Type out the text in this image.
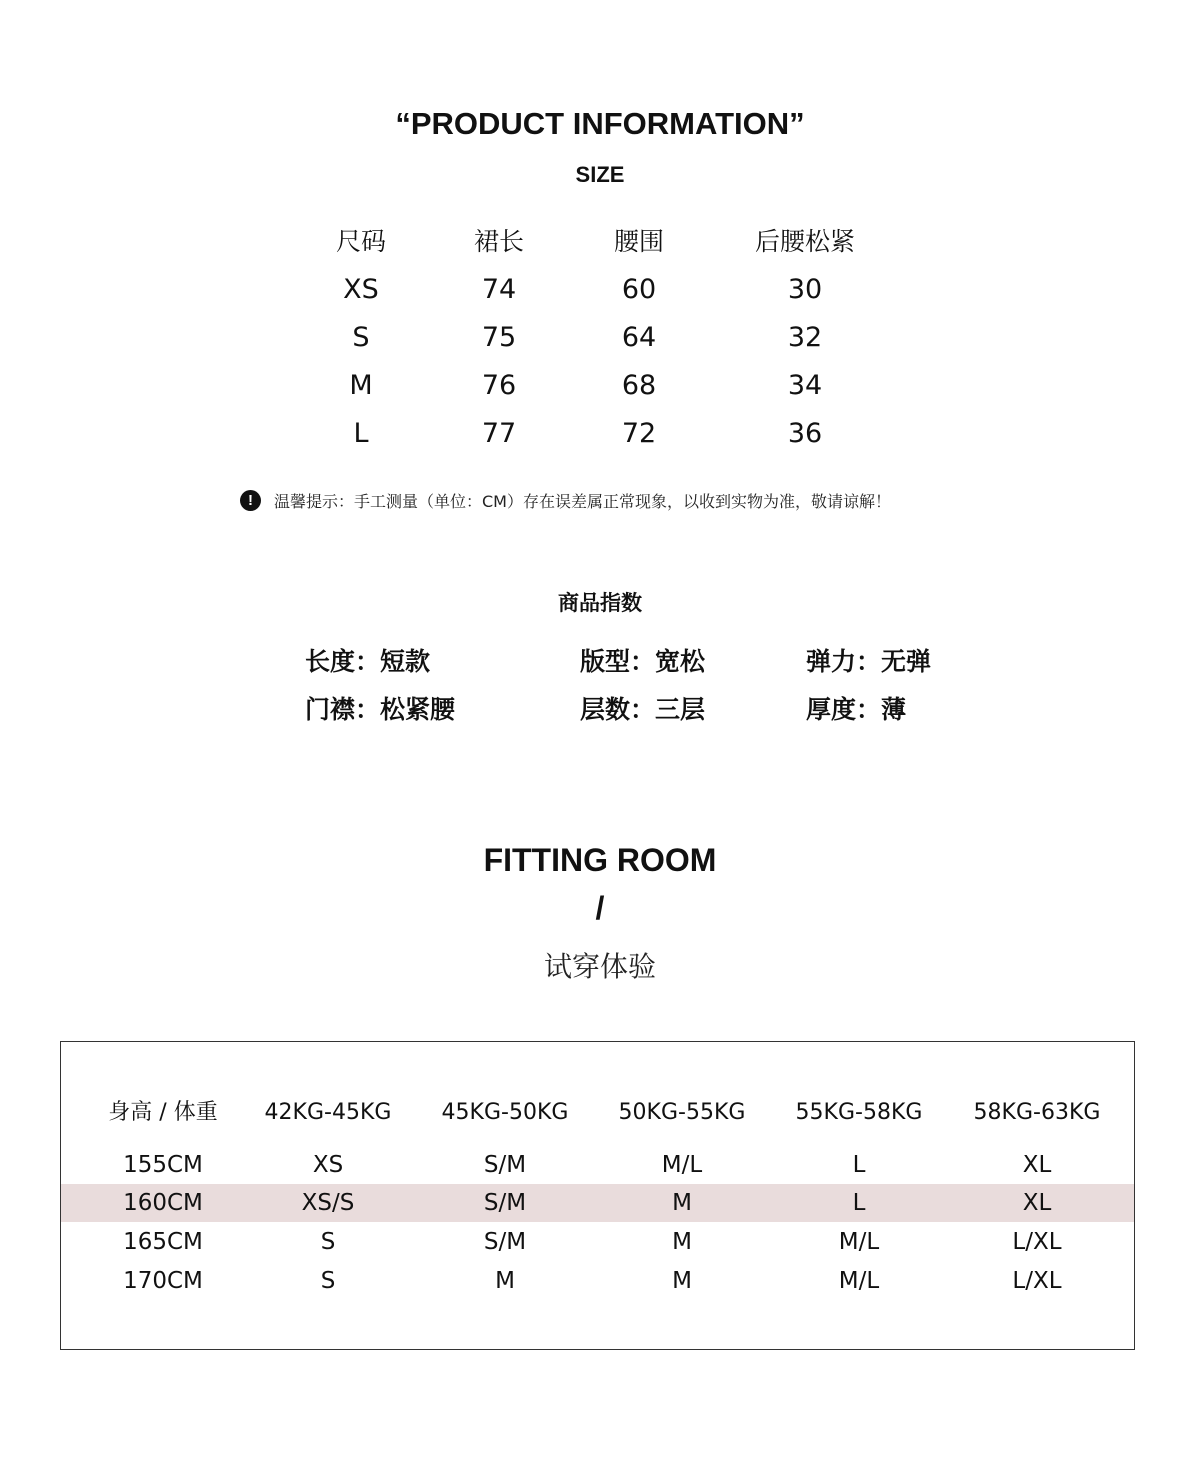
“PRODUCT INFORMATION”
SIZE
尺码	裙长	腰围	后腰松紧
XS	74	60	30
S	75	64	32
M	76	68	34
L	77	72	36
!	温馨提示：手工测量（单位：CM）存在误差属正常现象，以收到实物为准，敬请谅解！
商品指数
长度：短款	版型：宽松	弹力：无弹
门襟：松紧腰	层数：三层	厚度：薄
FITTING ROOM
/
试穿体验
身高 / 体重	42KG-45KG	45KG-50KG	50KG-55KG	55KG-58KG	58KG-63KG
155CM	XS	S/M	M/L	L	XL
160CM	XS/S	S/M	M	L	XL
165CM	S	S/M	M	M/L	L/XL
170CM	S	M	M	M/L	L/XL
